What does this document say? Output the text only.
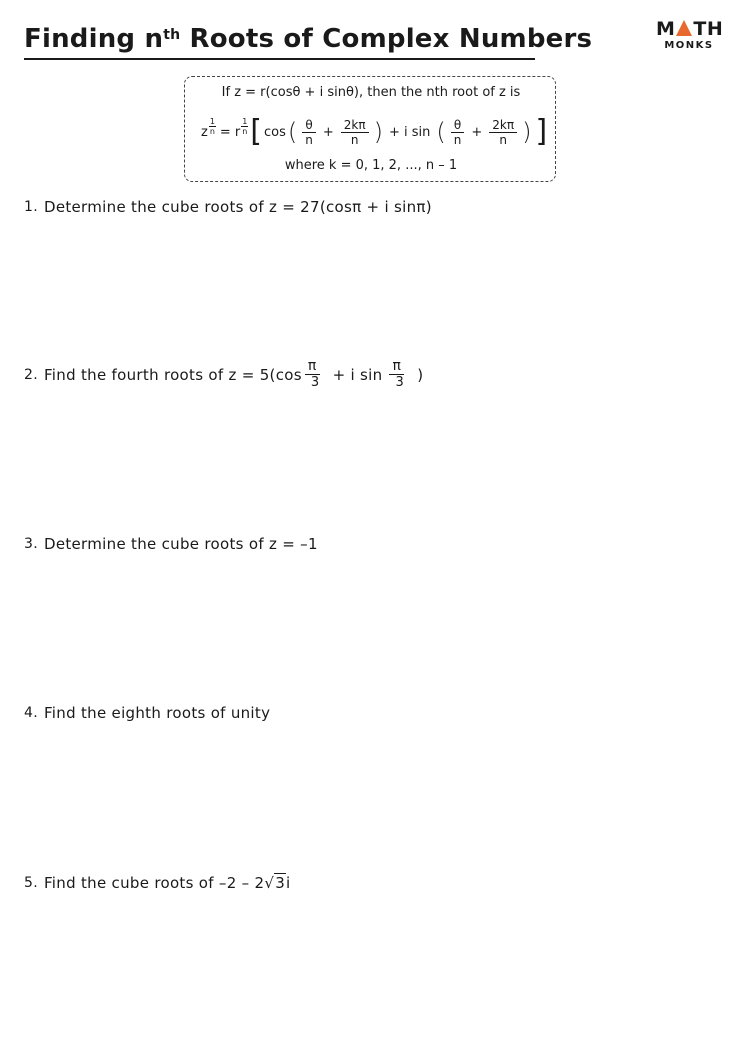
Finding $n^{th}$ Roots of Complex Numbers	M TH
MONKS
If z = r(cosθ + i sinθ), then the nth root of z is
z
1
n = r
1
n [ cos ( $\frac{\theta}{n} + \frac{2k\pi}{n}$ ) + i sin ( $\frac{\theta}{n} + \frac{2k\pi}{n}$ ) ]
where k = 0, 1, 2, ..., n – 1
1. Determine the cube roots of z = 27(cosπ + i sinπ)
2. Find the fourth roots of $z = 5(\cos \frac{\pi}{3} + i$ $\sin \frac{\pi}{3}$ )
3. Determine the cube roots of z = –1
4. Find the eighth roots of unity
5. Find the cube roots of –2 – 2 √ 3 i
